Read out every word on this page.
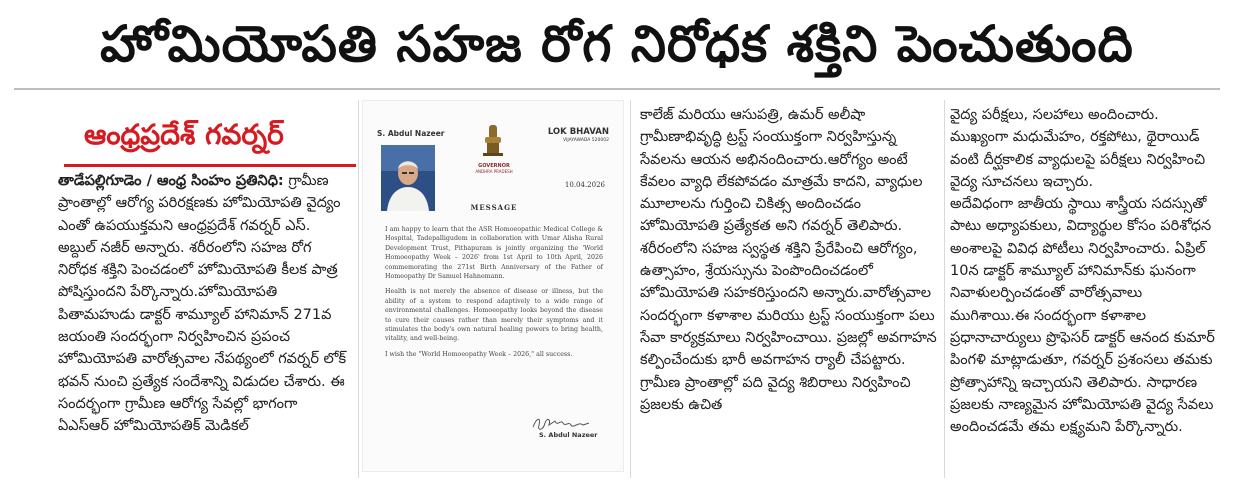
హోమియోపతి సహజ రోగ నిరోధక శక్తిని పెంచుతుంది
ఆంధ్రప్రదేశ్ గవర్నర్

తాడేపల్లిగూడెం / ఆంధ్ర సింహం ప్రతినిధి: గ్రామీణ ప్రాంతాల్లో ఆరోగ్య పరిరక్షణకు హోమియోపతి వైద్యం ఎంతో ఉపయుక్తమని ఆంధ్రప్రదేశ్ గవర్నర్ ఎస్. అబ్దుల్ నజీర్ అన్నారు. శరీరంలోని సహజ రోగ నిరోధక శక్తిని పెంచడంలో హోమియోపతి కీలక పాత్ర పోషిస్తుందని పేర్కొన్నారు.హోమియోపతి పితామహుడు డాక్టర్ శామ్యూల్ హానిమాన్ 271వ జయంతి సందర్భంగా నిర్వహించిన ప్రపంచ హోమియోపతి వారోత్సవాల నేపథ్యంలో గవర్నర్ లోక్ భవన్ నుంచి ప్రత్యేక సందేశాన్ని విడుదల చేశారు. ఈ సందర్భంగా గ్రామీణ ఆరోగ్య సేవల్లో భాగంగా ఏఎస్ఆర్ హోమియోపతిక్ మెడికల్

S. Abdul Nazeer
GOVERNOR
ANDHRA PRADESH
LOK BHAVAN
VIJAYAWADA 520002
10.04.2026
MESSAGE

I am happy to learn that the ASR Homoeopathic Medical College & Hospital, Tadepalligudem in collaboration with Umar Alisha Rural Development Trust, Pithapuram is jointly organizing the 'World Homoeopathy Week – 2026' from 1st April to 10th April, 2026 commemorating the 271st Birth Anniversary of the Father of Homeopathy Dr Samuel Hahnemann.

Health is not merely the absence of disease or illness, but the ability of a system to respond adaptively to a wide range of environmental challenges. Homoeopathy looks beyond the disease to cure their causes rather than merely their symptoms and it stimulates the body's own natural healing powers to bring health, vitality, and well-being.

I wish the "World Homoeopathy Week – 2026," all success.

S. Abdul Nazeer

కాలేజ్ మరియు ఆసుపత్రి, ఉమర్ అలీషా గ్రామీణాభివృద్ధి ట్రస్ట్ సంయుక్తంగా నిర్వహిస్తున్న సేవలను ఆయన అభినందించారు.ఆరోగ్యం అంటే కేవలం వ్యాధి లేకపోవడం మాత్రమే కాదని, వ్యాధుల మూలాలను గుర్తించి చికిత్స అందించడం హోమియోపతి ప్రత్యేకత అని గవర్నర్ తెలిపారు. శరీరంలోని సహజ స్వస్థత శక్తిని ప్రేరేపించి ఆరోగ్యం, ఉత్సాహం, శ్రేయస్సును పెంపొందించడంలో హోమియోపతి సహకరిస్తుందని అన్నారు.వారోత్సవాల సందర్భంగా కళాశాల మరియు ట్రస్ట్ సంయుక్తంగా పలు సేవా కార్యక్రమాలు నిర్వహించాయి. ప్రజల్లో అవగాహన కల్పించేందుకు భారీ అవగాహన ర్యాలీ చేపట్టారు. గ్రామీణ ప్రాంతాల్లో పది వైద్య శిబిరాలు నిర్వహించి ప్రజలకు ఉచిత

వైద్య పరీక్షలు, సలహాలు అందించారు. ముఖ్యంగా మధుమేహం, రక్తపోటు, థైరాయిడ్ వంటి దీర్ఘకాలిక వ్యాధులపై పరీక్షలు నిర్వహించి వైద్య సూచనలు ఇచ్చారు.

అదేవిధంగా జాతీయ స్థాయి శాస్త్రీయ సదస్సుతో పాటు అధ్యాపకులు, విద్యార్థుల కోసం పరిశోధన అంశాలపై వివిధ పోటీలు నిర్వహించారు. ఏప్రిల్ 10న డాక్టర్ శామ్యూల్ హానిమాన్‌కు ఘనంగా నివాళులర్పించడంతో వారోత్సవాలు ముగిశాయి.ఈ సందర్భంగా కళాశాల ప్రధానాచార్యులు ప్రొఫెసర్ డాక్టర్ ఆనంద కుమార్ పింగళి మాట్లాడుతూ, గవర్నర్ ప్రశంసలు తమకు ప్రోత్సాహాన్ని ఇచ్చాయని తెలిపారు. సాధారణ ప్రజలకు నాణ్యమైన హోమియోపతి వైద్య సేవలు అందించడమే తమ లక్ష్యమని పేర్కొన్నారు.
